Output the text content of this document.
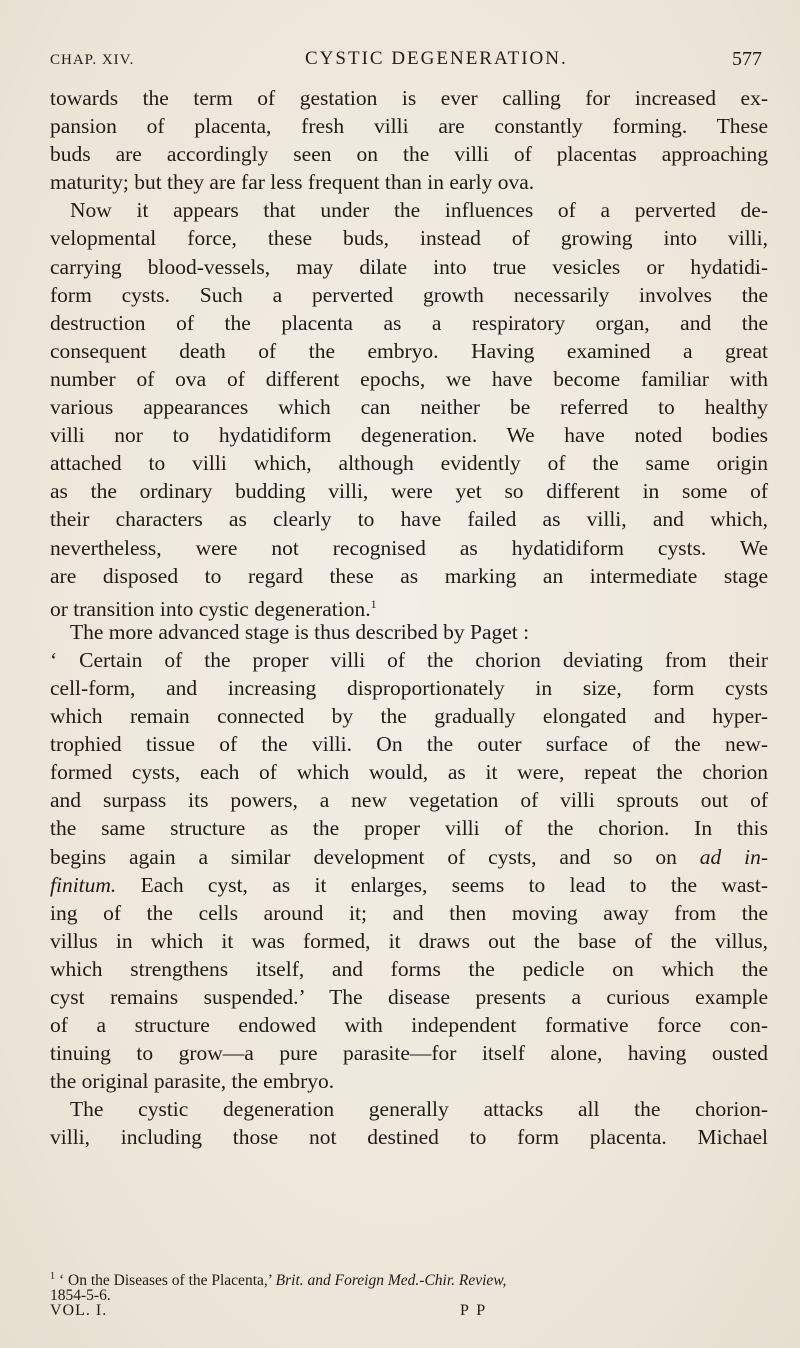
CHAP. XIV.	CYSTIC DEGENERATION.	577
towards the term of gestation is ever calling for increased ex-
pansion of placenta, fresh villi are constantly forming. These
buds are accordingly seen on the villi of placentas approaching
maturity; but they are far less frequent than in early ova.
Now it appears that under the influences of a perverted de-
velopmental force, these buds, instead of growing into villi,
carrying blood-vessels, may dilate into true vesicles or hydatidi-
form cysts. Such a perverted growth necessarily involves the
destruction of the placenta as a respiratory organ, and the
consequent death of the embryo. Having examined a great
number of ova of different epochs, we have become familiar with
various appearances which can neither be referred to healthy
villi nor to hydatidiform degeneration. We have noted bodies
attached to villi which, although evidently of the same origin
as the ordinary budding villi, were yet so different in some of
their characters as clearly to have failed as villi, and which,
nevertheless, were not recognised as hydatidiform cysts. We
are disposed to regard these as marking an intermediate stage
or transition into cystic degeneration.$^1$
The more advanced stage is thus described by Paget :
‘ Certain of the proper villi of the chorion deviating from their
cell-form, and increasing disproportionately in size, form cysts
which remain connected by the gradually elongated and hyper-
trophied tissue of the villi. On the outer surface of the new-
formed cysts, each of which would, as it were, repeat the chorion
and surpass its powers, a new vegetation of villi sprouts out of
the same structure as the proper villi of the chorion. In this
begins again a similar development of cysts, and so on ad in-
finitum. Each cyst, as it enlarges, seems to lead to the wast-
ing of the cells around it; and then moving away from the
villus in which it was formed, it draws out the base of the villus,
which strengthens itself, and forms the pedicle on which the
cyst remains suspended.’ The disease presents a curious example
of a structure endowed with independent formative force con-
tinuing to grow—a pure parasite—for itself alone, having ousted
the original parasite, the embryo.
The cystic degeneration generally attacks all the chorion-
villi, including those not destined to form placenta. Michael
$^1$ ‘ On the Diseases of the Placenta,’ Brit. and Foreign Med.-Chir. Review,
1854-5-6.
VOL. I.	P P
